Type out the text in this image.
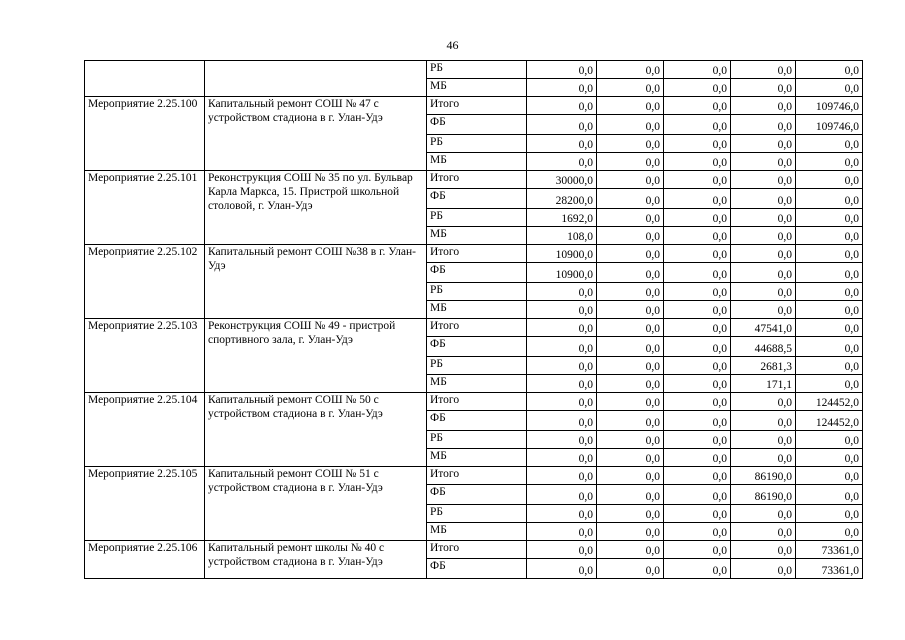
46
		РБ	0,0	0,0	0,0	0,0	0,0
		МБ	0,0	0,0	0,0	0,0	0,0
Мероприятие 2.25.100	Капитальный ремонт СОШ № 47 с устройством стадиона в г. Улан-Удэ	Итого	0,0	0,0	0,0	0,0	109746,0
		ФБ	0,0	0,0	0,0	0,0	109746,0
		РБ	0,0	0,0	0,0	0,0	0,0
		МБ	0,0	0,0	0,0	0,0	0,0
Мероприятие 2.25.101	Реконструкция СОШ № 35 по ул. Бульвар Карла Маркса, 15. Пристрой школьной столовой, г. Улан-Удэ	Итого	30000,0	0,0	0,0	0,0	0,0
		ФБ	28200,0	0,0	0,0	0,0	0,0
		РБ	1692,0	0,0	0,0	0,0	0,0
		МБ	108,0	0,0	0,0	0,0	0,0
Мероприятие 2.25.102	Капитальный ремонт СОШ №38 в г. Улан-Удэ	Итого	10900,0	0,0	0,0	0,0	0,0
		ФБ	10900,0	0,0	0,0	0,0	0,0
		РБ	0,0	0,0	0,0	0,0	0,0
		МБ	0,0	0,0	0,0	0,0	0,0
Мероприятие 2.25.103	Реконструкция СОШ № 49 - пристрой спортивного зала, г. Улан-Удэ	Итого	0,0	0,0	0,0	47541,0	0,0
		ФБ	0,0	0,0	0,0	44688,5	0,0
		РБ	0,0	0,0	0,0	2681,3	0,0
		МБ	0,0	0,0	0,0	171,1	0,0
Мероприятие 2.25.104	Капитальный ремонт СОШ № 50 с устройством стадиона в г. Улан-Удэ	Итого	0,0	0,0	0,0	0,0	124452,0
		ФБ	0,0	0,0	0,0	0,0	124452,0
		РБ	0,0	0,0	0,0	0,0	0,0
		МБ	0,0	0,0	0,0	0,0	0,0
Мероприятие 2.25.105	Капитальный ремонт СОШ № 51 с устройством стадиона в г. Улан-Удэ	Итого	0,0	0,0	0,0	86190,0	0,0
		ФБ	0,0	0,0	0,0	86190,0	0,0
		РБ	0,0	0,0	0,0	0,0	0,0
		МБ	0,0	0,0	0,0	0,0	0,0
Мероприятие 2.25.106	Капитальный ремонт школы № 40 с устройством стадиона в г. Улан-Удэ	Итого	0,0	0,0	0,0	0,0	73361,0
		ФБ	0,0	0,0	0,0	0,0	73361,0
